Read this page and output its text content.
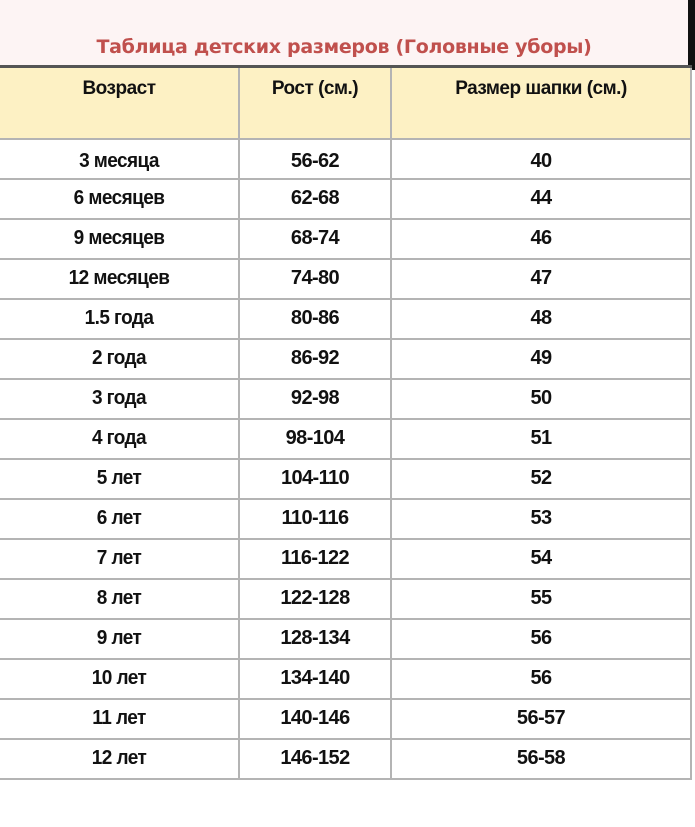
Таблица детских размеров (Головные уборы)
Возраст	Рост (см.)	Размер шапки (см.)
3 месяца	56-62	40
6 месяцев	62-68	44
9 месяцев	68-74	46
12 месяцев	74-80	47
1.5 года	80-86	48
2 года	86-92	49
3 года	92-98	50
4 года	98-104	51
5 лет	104-110	52
6 лет	110-116	53
7 лет	116-122	54
8 лет	122-128	55
9 лет	128-134	56
10 лет	134-140	56
11 лет	140-146	56-57
12 лет	146-152	56-58
